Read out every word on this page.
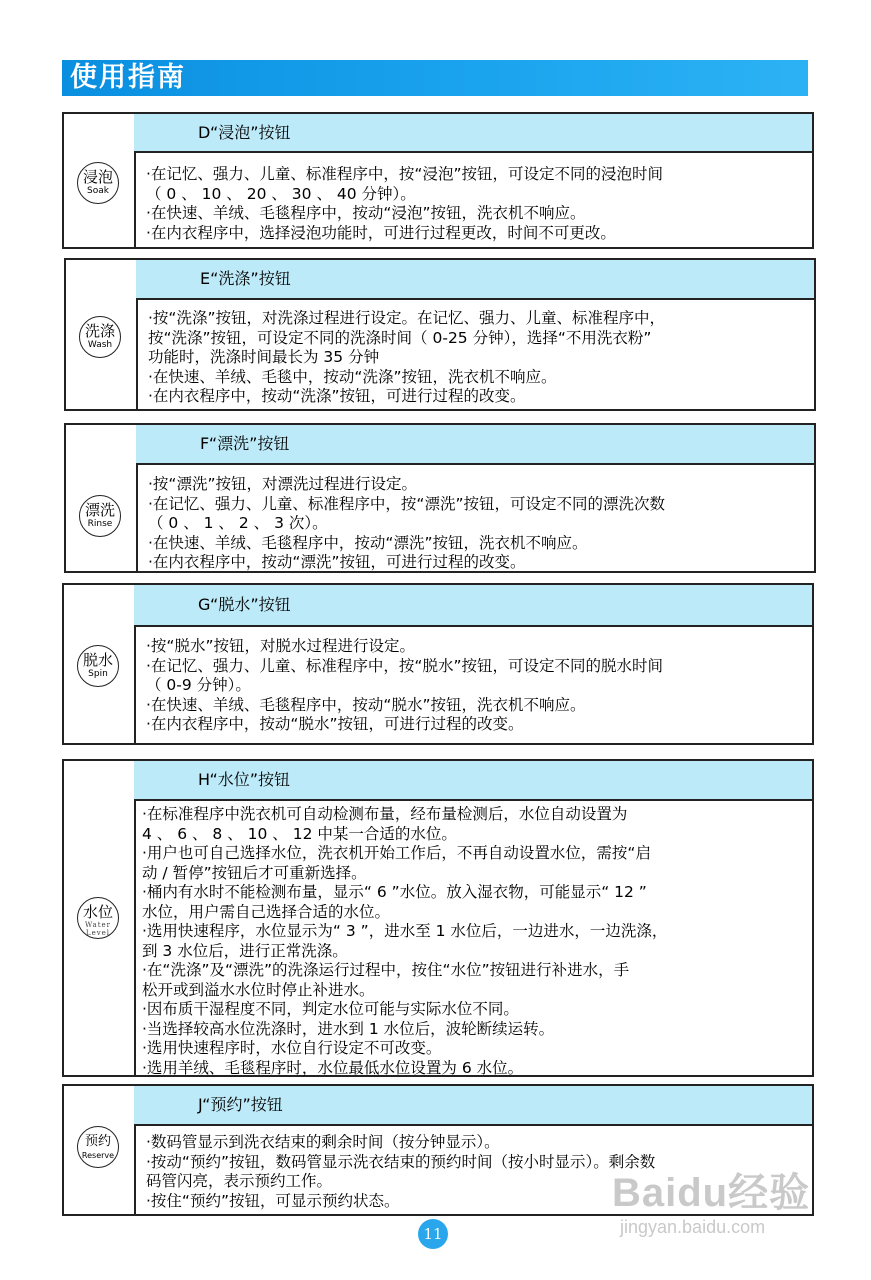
使用指南
浸泡
Soak
D“浸泡”按钮

·在记忆、强力、儿童、标准程序中，按“浸泡”按钮，可设定不同的浸泡时间

（ 0 、 10 、 20 、 30 、 40 分钟）。

·在快速、羊绒、毛毯程序中，按动“浸泡”按钮，洗衣机不响应。

·在内衣程序中，选择浸泡功能时，可进行过程更改，时间不可更改。

洗涤
Wash
E“洗涤”按钮

·按“洗涤”按钮，对洗涤过程进行设定。在记忆、强力、儿童、标准程序中，

按“洗涤”按钮，可设定不同的洗涤时间（ 0-25 分钟），选择“不用洗衣粉”

功能时，洗涤时间最长为 35 分钟

·在快速、羊绒、毛毯中，按动“洗涤”按钮，洗衣机不响应。

·在内衣程序中，按动“洗涤”按钮，可进行过程的改变。

漂洗
Rinse
F“漂洗”按钮

·按“漂洗”按钮，对漂洗过程进行设定。

·在记忆、强力、儿童、标准程序中，按“漂洗”按钮，可设定不同的漂洗次数

（ 0 、 1 、 2 、 3 次）。

·在快速、羊绒、毛毯程序中，按动“漂洗”按钮，洗衣机不响应。

·在内衣程序中，按动“漂洗”按钮，可进行过程的改变。

脱水
Spin
G“脱水”按钮

·按“脱水”按钮，对脱水过程进行设定。

·在记忆、强力、儿童、标准程序中，按“脱水”按钮，可设定不同的脱水时间

（ 0-9 分钟）。

·在快速、羊绒、毛毯程序中，按动“脱水”按钮，洗衣机不响应。

·在内衣程序中，按动“脱水”按钮，可进行过程的改变。

水位
Water Level
H“水位”按钮

·在标准程序中洗衣机可自动检测布量，经布量检测后，水位自动设置为

4 、 6 、 8 、 10 、 12 中某一合适的水位。

·用户也可自己选择水位，洗衣机开始工作后，不再自动设置水位，需按“启

动 / 暂停”按钮后才可重新选择。

·桶内有水时不能检测布量，显示“ 6 ”水位。放入湿衣物，可能显示“ 12 ”

水位，用户需自己选择合适的水位。

·选用快速程序，水位显示为“ 3 ”，进水至 1 水位后，一边进水，一边洗涤，

到 3 水位后，进行正常洗涤。

·在“洗涤”及“漂洗”的洗涤运行过程中，按住“水位”按钮进行补进水，手

松开或到溢水水位时停止补进水。

·因布质干湿程度不同，判定水位可能与实际水位不同。

·当选择较高水位洗涤时，进水到 1 水位后，波轮断续运转。

·选用快速程序时，水位自行设定不可改变。

·选用羊绒、毛毯程序时，水位最低水位设置为 6 水位。

预约
Reserve
J“预约”按钮

·数码管显示到洗衣结束的剩余时间（按分钟显示）。

·按动“预约”按钮，数码管显示洗衣结束的预约时间（按小时显示）。剩余数

码管闪亮，表示预约工作。

·按住“预约”按钮，可显示预约状态。	Baidu经验
jingyan.baidu.com
11
